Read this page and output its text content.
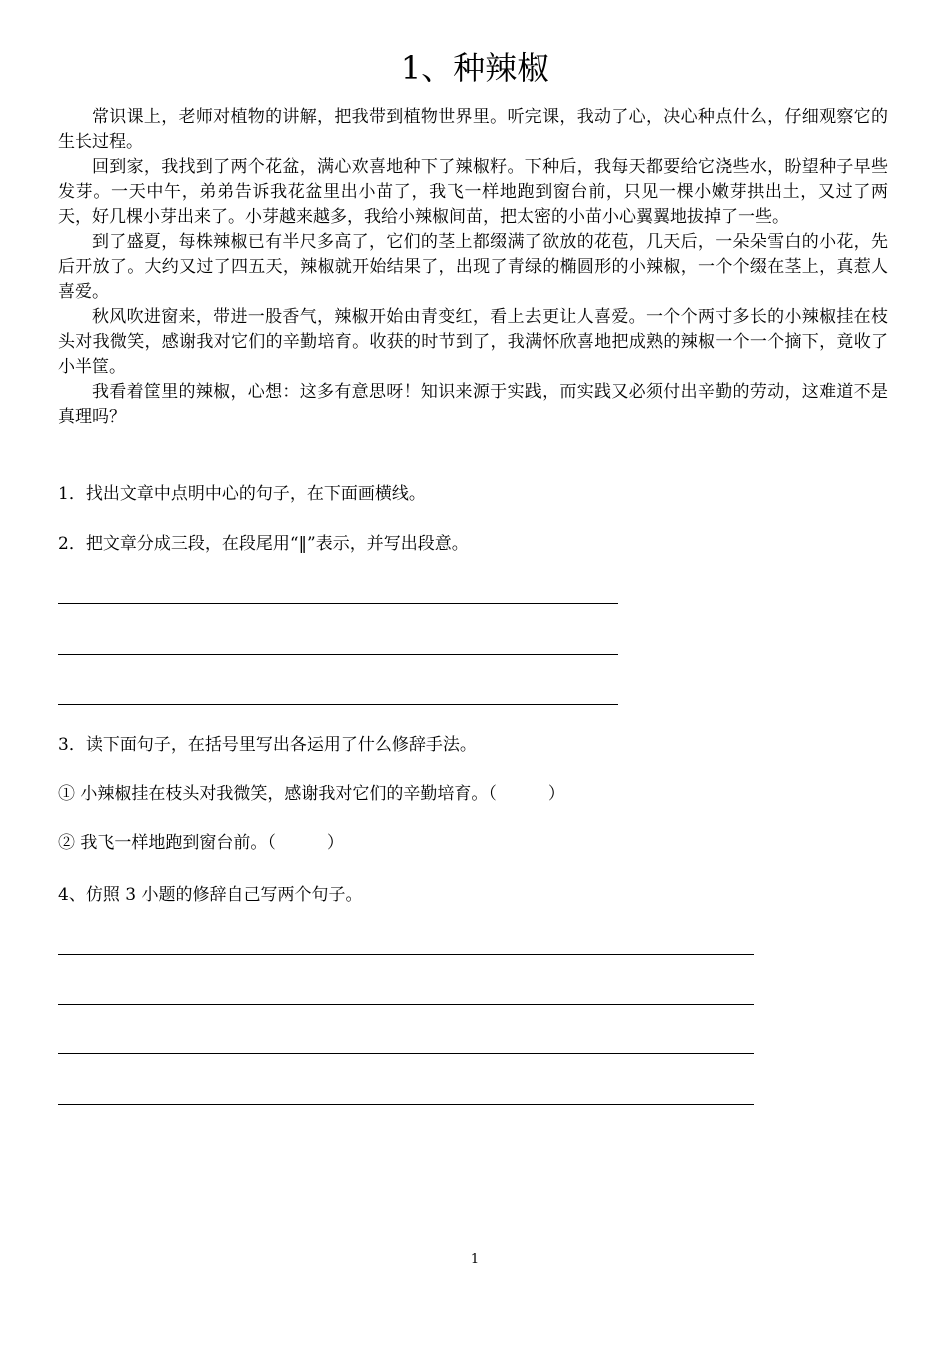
1、种辣椒

常识课上，老师对植物的讲解，把我带到植物世界里。听完课，我动了心，决心种点什么，仔细观察它的生长过程。

回到家，我找到了两个花盆，满心欢喜地种下了辣椒籽。下种后，我每天都要给它浇些水，盼望种子早些发芽。一天中午，弟弟告诉我花盆里出小苗了，我飞一样地跑到窗台前，只见一棵小嫩芽拱出土，又过了两天，好几棵小芽出来了。小芽越来越多，我给小辣椒间苗，把太密的小苗小心翼翼地拔掉了一些。

到了盛夏，每株辣椒已有半尺多高了，它们的茎上都缀满了欲放的花苞，几天后，一朵朵雪白的小花，先后开放了。大约又过了四五天，辣椒就开始结果了，出现了青绿的椭圆形的小辣椒，一个个缀在茎上，真惹人喜爱。

秋风吹进窗来，带进一股香气，辣椒开始由青变红，看上去更让人喜爱。一个个两寸多长的小辣椒挂在枝头对我微笑，感谢我对它们的辛勤培育。收获的时节到了，我满怀欣喜地把成熟的辣椒一个一个摘下，竟收了小半筐。

我看着筐里的辣椒，心想：这多有意思呀！知识来源于实践，而实践又必须付出辛勤的劳动，这难道不是真理吗？

1．找出文章中点明中心的句子，在下面画横线。
2．把文章分成三段，在段尾用“‖”表示，并写出段意。
3．读下面句子，在括号里写出各运用了什么修辞手法。
① 小辣椒挂在枝头对我微笑，感谢我对它们的辛勤培育。（　　　）
② 我飞一样地跑到窗台前。（　　　）
4、仿照 3 小题的修辞自己写两个句子。
1
